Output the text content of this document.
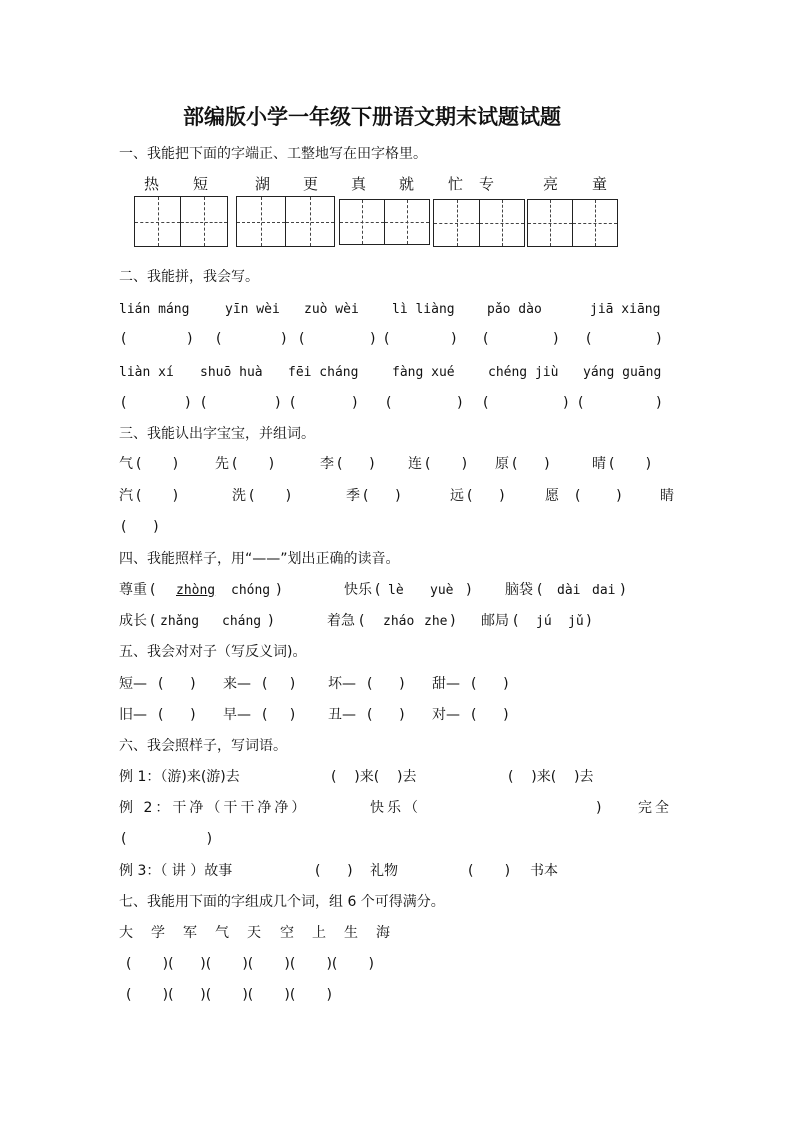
部编版小学一年级下册语文期末试题试题
一、我能把下面的字端正、工整地写在田字格里。
热 短	湖 更 真 就 忙 专	亮 童
二、我能拼，我会写。
lián máng	yīn wèi zuò wèi	lì liàng pǎo dào	jiā xiāng
(	) (	) (	) (	) (	) (	)
liàn xí shuō huà fēi cháng	fàng xué	chéng jiù yáng guāng
(	) (	) (	) (	) (	) (	)
三、我能认出字宝宝，并组词。
气 (       )	先 (       )	李 (      ) 连 (       ) 原 (      )	晴 (       )
汽 (       )	洗 (       )	季 (      )	远 (      )	愿 (        )	睛
(      )
四、我能照样子，用“——”划出正确的读音。
尊重 ( zhòng chóng )	快乐 ( lè yuè ) 脑袋 ( dài dai )
成长 ( zhǎng cháng )	着急 ( zháo zhe ) 邮局 ( jú jǔ )
五、我会对对子（写反义词)。
短— (      ) 来— (     ) 坏— (      ) 甜— (      )
旧— (      ) 早— (     ) 丑— (      ) 对— (      )
六、我会照样子，写词语。
例 1：（游)来(游)去	(    )来(    )去	(    )来(    )去
例 2：干净（干干净净）	快乐（	)	完全
(                  )
例 3：（ 讲 ）故事	(      ) 礼物	(       ) 书本
七、我能用下面的字组成几个词，组 6 个可得满分。
大 学 军 气 天 空 上 生 海
(       )(      )(       )(       )(       )(       )
(       )(      )(       )(       )(       )
